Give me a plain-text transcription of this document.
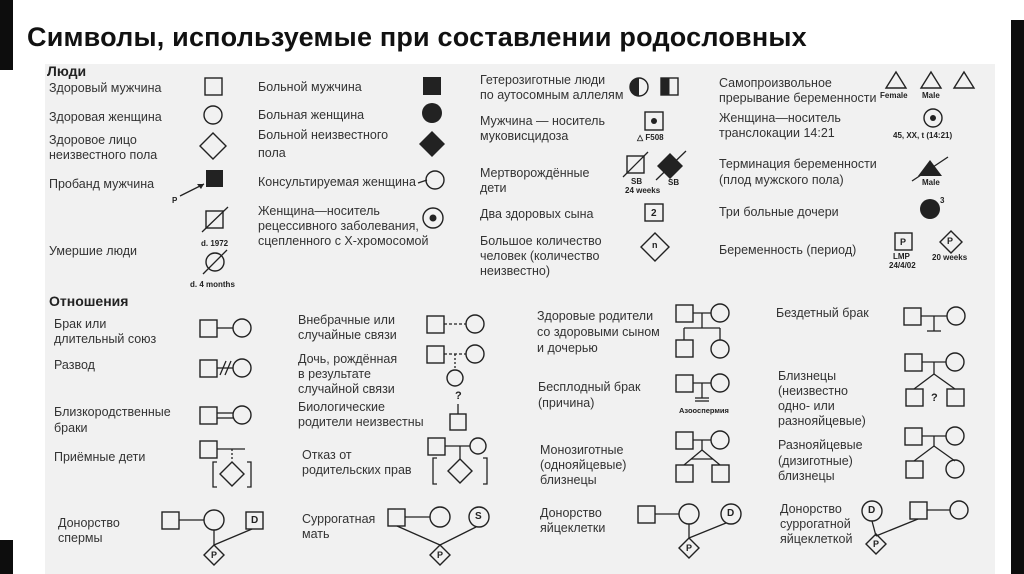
Символы, используемые при составлении родословных
Люди
Здоровый мужчина
Здоровая женщина
Здоровое лицо
неизвестного пола
Пробанд мужчина
Умершие люди
P
d. 1972
d. 4 months
Больной мужчина
Больная женщина
Больной неизвестного
пола
Консультируемая женщина
Женщина—носитель
рецессивного заболевания,
сцепленного с X-хромосомой
Гетерозиготные люди
по аутосомным аллелям
Мужчина — носитель
муковисцидоза
Мертворождённые
дети
Два здоровых сына
Большое количество
человек (количество
неизвестно)
△ F508
SB
24 weeks
SB
2
n
Самопроизвольное
прерывание беременности
Женщина—носитель
транслокации 14:21
Терминация беременности
(плод мужского пола)
Три больные дочери
Беременность (период)
Female Male
45, XX, t (14:21)
Male
3
P	P
LMP
24/4/02
20 weeks
Отношения
Брак или
длительный союз
Развод
Близкородственные
браки
Приёмные дети
Донорство
спермы
D
P
Внебрачные или
случайные связи
Дочь, рождённая
в результате
случайной связи
Биологические
родители неизвестны
Отказ от
родительских прав
Суррогатная
мать
?
S
P
Здоровые родители
со здоровыми сыном
и дочерью
Бесплодный брак
(причина)
Монозиготные
(однояйцевые)
близнецы
Донорство
яйцеклетки
Азооспермия
D
P
Бездетный брак
Близнецы
(неизвестно
одно- или
разнояйцевые)
Разнояйцевые
(дизиготные)
близнецы
Донорство
суррогатной
яйцеклеткой
?
D
P
